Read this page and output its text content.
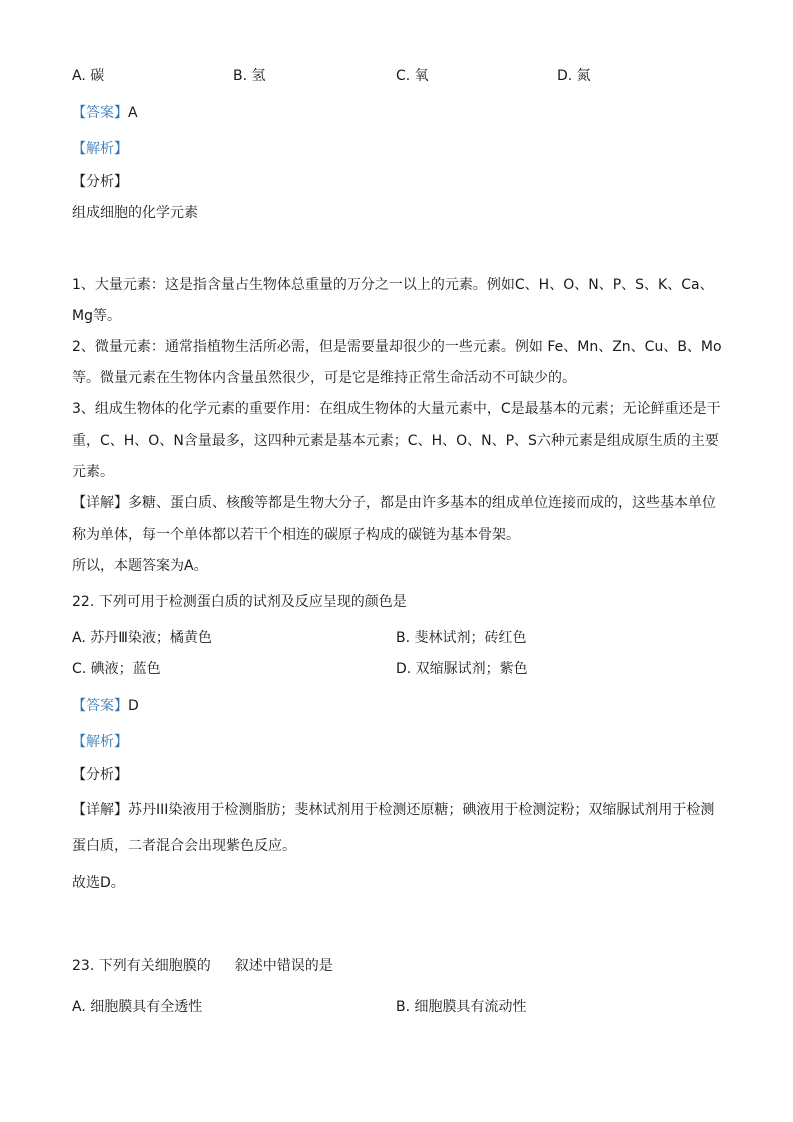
A. 碳	B. 氢	C. 氧	D. 氮
【答案】A
【解析】
【分析】
组成细胞的化学元素
1、大量元素：这是指含量占生物体总重量的万分之一以上的元素。例如C、H、O、N、P、S、K、Ca、
Mg等。
2、微量元素：通常指植物生活所必需，但是需要量却很少的一些元素。例如 Fe、Mn、Zn、Cu、B、Mo
等。微量元素在生物体内含量虽然很少，可是它是维持正常生命活动不可缺少的。
3、组成生物体的化学元素的重要作用：在组成生物体的大量元素中，C是最基本的元素；无论鲜重还是干
重，C、H、O、N含量最多，这四种元素是基本元素；C、H、O、N、P、S六种元素是组成原生质的主要
元素。
【详解】多糖、蛋白质、核酸等都是生物大分子，都是由许多基本的组成单位连接而成的，这些基本单位
称为单体，每一个单体都以若干个相连的碳原子构成的碳链为基本骨架。
所以，本题答案为A。
22. 下列可用于检测蛋白质的试剂及反应呈现的颜色是
A. 苏丹Ⅲ染液；橘黄色	B. 斐林试剂；砖红色
C. 碘液；蓝色	D. 双缩脲试剂；紫色
【答案】D
【解析】
【分析】
【详解】苏丹III染液用于检测脂肪；斐林试剂用于检测还原糖；碘液用于检测淀粉；双缩脲试剂用于检测
蛋白质，二者混合会出现紫色反应。
故选D。
23. 下列有关细胞膜的 叙述中错误的是
A. 细胞膜具有全透性	B. 细胞膜具有流动性
